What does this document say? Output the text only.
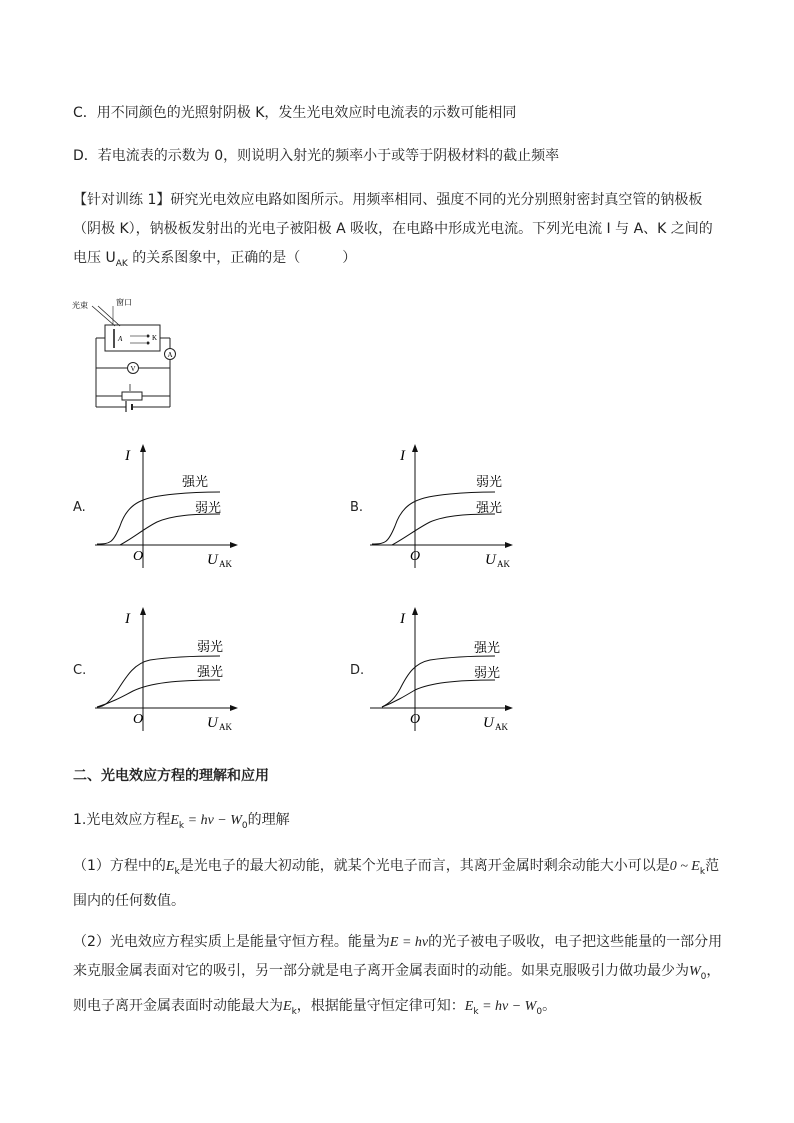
C．用不同颜色的光照射阴极 K，发生光电效应时电流表的示数可能相同
D．若电流表的示数为 0，则说明入射光的频率小于或等于阴极材料的截止频率
【针对训练 1】研究光电效应电路如图所示。用频率相同、强度不同的光分别照射密封真空管的钠极板（阴极 K），钠极板发射出的光电子被阳极 A 吸收，在电路中形成光电流。下列光电流 I 与 A、K 之间的电压 $U_{AK}$ 的关系图象中，正确的是（　　　）
光束	窗口
A	K
A
V
A.
I
O	U AK
强光
弱光	B.
I
O	U AK
弱光
强光
C.
I
O	U AK
弱光
强光	D.
I
O	U AK
强光
弱光
二、光电效应方程的理解和应用
1.光电效应方程$E_k = h\nu - W_0$的理解
（1）方程中的$E_k$是光电子的最大初动能，就某个光电子而言，其离开金属时剩余动能大小可以是0 ~ $E_k$范围内的任何数值。
（2）光电效应方程实质上是能量守恒方程。能量为E = hν的光子被电子吸收，电子把这些能量的一部分用来克服金属表面对它的吸引，另一部分就是电子离开金属表面时的动能。如果克服吸引力做功最少为$W_0$，则电子离开金属表面时动能最大为$E_k$，根据能量守恒定律可知：$E_k = h\nu - W_0$。
